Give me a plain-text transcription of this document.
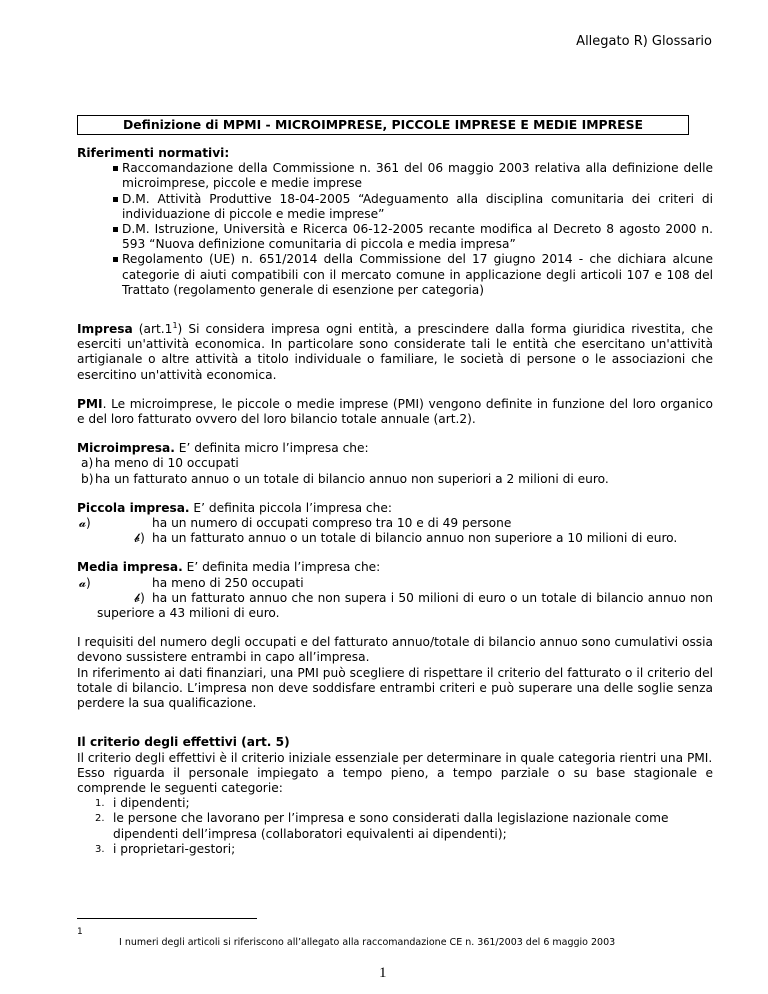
Allegato R) Glossario
Definizione di MPMI - MICROIMPRESE, PICCOLE IMPRESE E MEDIE IMPRESE

Riferimenti normativi:

Raccomandazione della Commissione n. 361 del 06 maggio 2003 relativa alla definizione delle microimprese, piccole e medie imprese
D.M. Attività Produttive 18-04-2005 “Adeguamento alla disciplina comunitaria dei criteri di individuazione di piccole e medie imprese”
D.M. Istruzione, Università e Ricerca 06-12-2005 recante modifica al Decreto 8 agosto 2000 n. 593 “Nuova definizione comunitaria di piccola e media impresa”
Regolamento (UE) n. 651/2014 della Commissione del 17 giugno 2014 - che dichiara alcune categorie di aiuti compatibili con il mercato comune in applicazione degli articoli 107 e 108 del Trattato (regolamento generale di esenzione per categoria)

Impresa $(art.1^1)$ Si considera impresa ogni entità, a prescindere dalla forma giuridica rivestita, che eserciti un'attività economica. In particolare sono considerate tali le entità che esercitano un'attività artigianale o altre attività a titolo individuale o familiare, le società di persone o le associazioni che esercitino un'attività economica.

PMI. Le microimprese, le piccole o medie imprese (PMI) vengono definite in funzione del loro organico e del loro fatturato ovvero del loro bilancio totale annuale (art.2).

Microimpresa. E’ definita micro l’impresa che:

a) ha meno di 10 occupati
b) ha un fatturato annuo o un totale di bilancio annuo non superiori a 2 milioni di euro.

Piccola impresa. E’ definita piccola l’impresa che:

𝓪)	ha un numero di occupati compreso tra 10 e di 49 persone
𝓫) ha un fatturato annuo o un totale di bilancio annuo non superiore a 10 milioni di euro.

Media impresa. E’ definita media l’impresa che:

𝓪)	ha meno di 250 occupati
𝓫) ha un fatturato annuo che non supera i 50 milioni di euro o un totale di bilancio annuo non superiore a 43 milioni di euro.

I requisiti del numero degli occupati e del fatturato annuo/totale di bilancio annuo sono cumulativi ossia devono sussistere entrambi in capo all’impresa.

In riferimento ai dati finanziari, una PMI può scegliere di rispettare il criterio del fatturato o il criterio del totale di bilancio. L’impresa non deve soddisfare entrambi criteri e può superare una delle soglie senza perdere la sua qualificazione.

Il criterio degli effettivi (art. 5)

Il criterio degli effettivi è il criterio iniziale essenziale per determinare in quale categoria rientri una PMI.

Esso riguarda il personale impiegato a tempo pieno, a tempo parziale o su base stagionale e comprende le seguenti categorie:

1. i dipendenti;
2. le persone che lavorano per l’impresa e sono considerati dalla legislazione nazionale come dipendenti dell’impresa (collaboratori equivalenti ai dipendenti);
3. i proprietari-gestori;
1
I numeri degli articoli si riferiscono all’allegato alla raccomandazione CE n. 361/2003 del 6 maggio 2003
1
